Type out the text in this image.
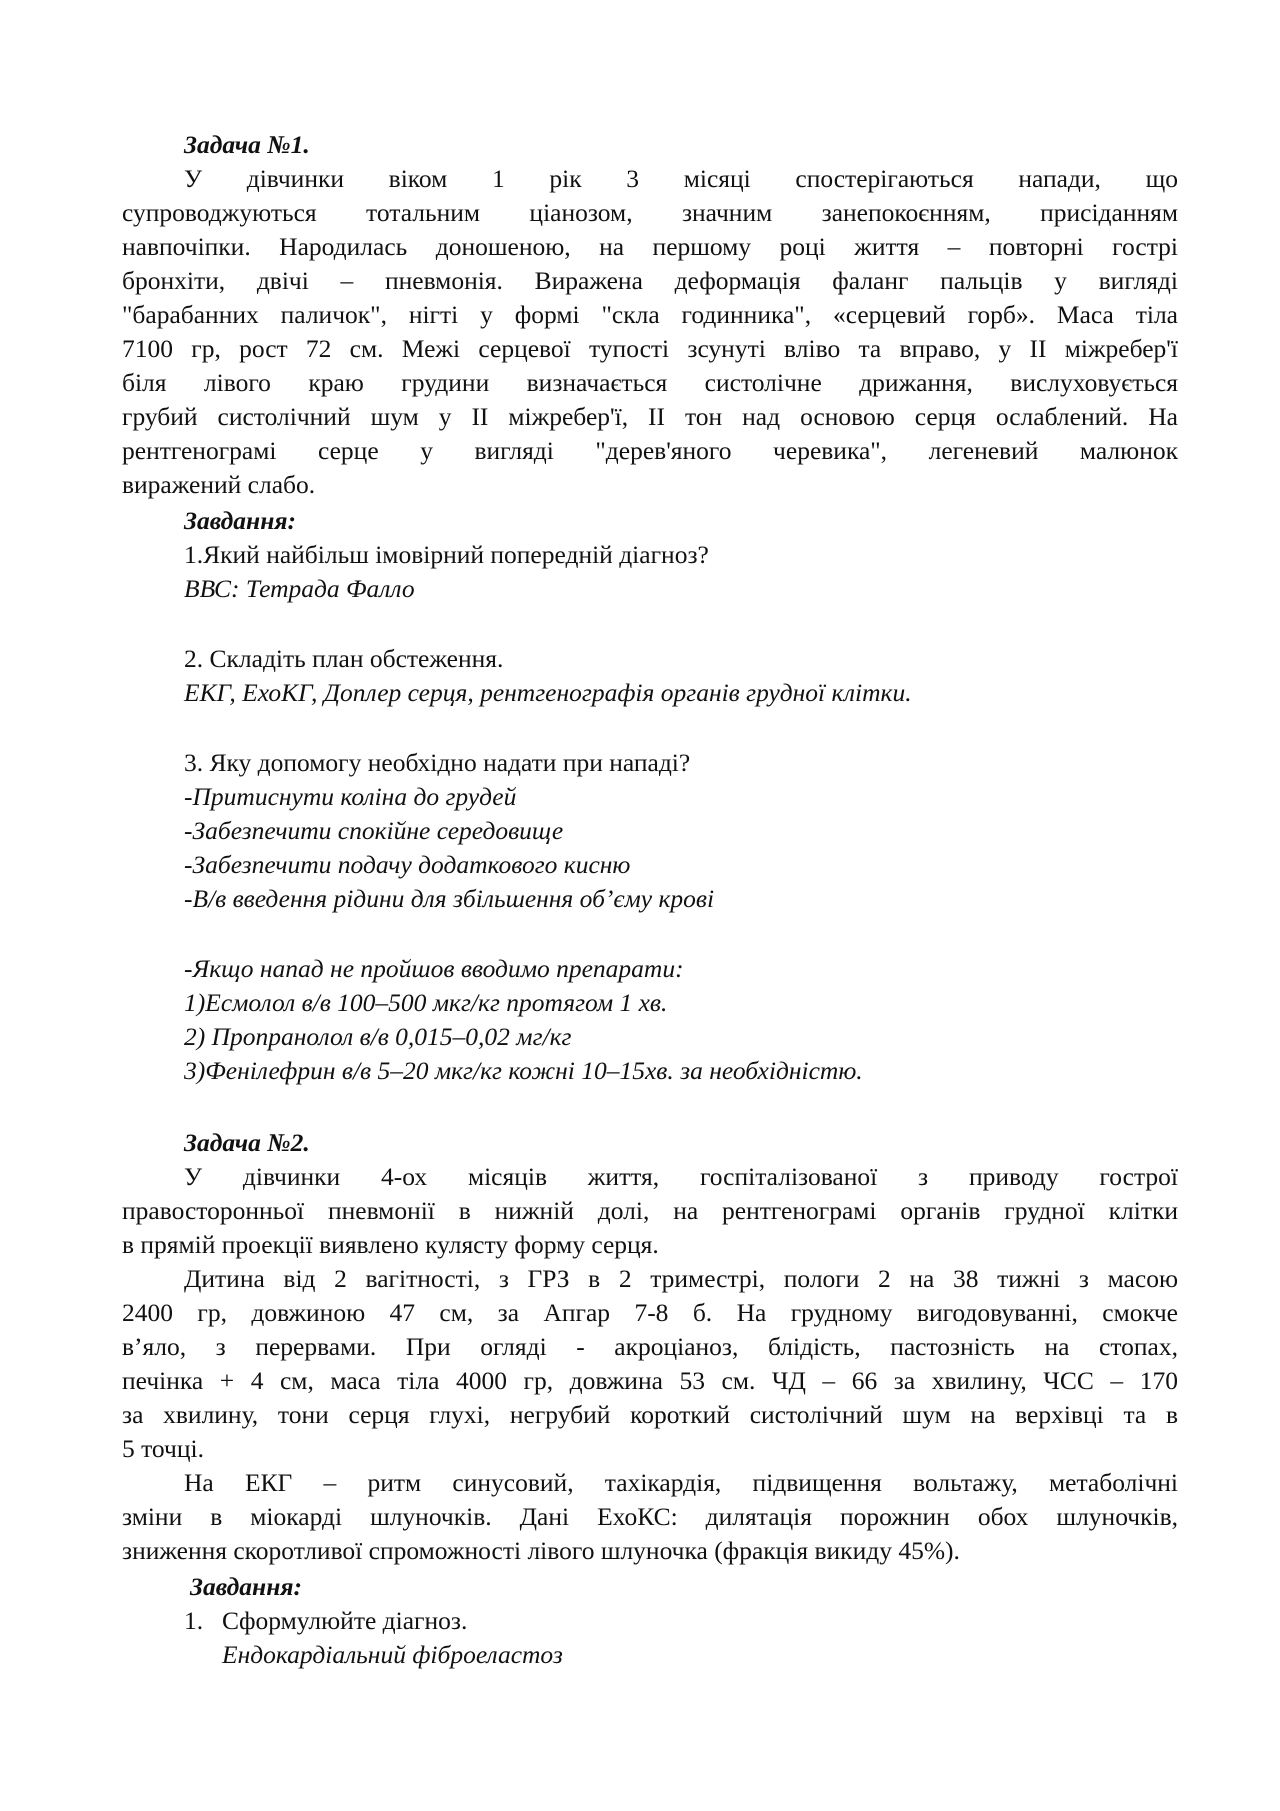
Задача №1.
У дівчинки віком 1 рік 3 місяці спостерігаються напади, що
супроводжуються тотальним ціанозом, значним занепокоєнням, присіданням
навпочіпки. Народилась доношеною, на першому році життя – повторні гострі
бронхіти, двічі – пневмонія. Виражена деформація фаланг пальців у вигляді
"барабанних паличок", нігті у формі "скла годинника", «серцевий горб». Маса тіла
7100 гр, рост 72 см. Межі серцевої тупості зсунуті вліво та вправо, у II міжребер'ї
біля лівого краю грудини визначається систолічне дрижання, вислуховується
грубий систолічний шум у II міжребер'ї, II тон над основою серця ослаблений. На
рентгенограмі серце у вигляді "дерев'яного черевика", легеневий малюнок
виражений слабо.
Завдання:
1.Який найбільш імовірний попередній діагноз?
ВВС: Тетрада Фалло
2. Складіть план обстеження.
ЕКГ, ЕхоКГ, Доплер серця, рентгенографія органів грудної клітки.
3. Яку допомогу необхідно надати при нападі?
-Притиснути коліна до грудей
-Забезпечити спокійне середовище
-Забезпечити подачу додаткового кисню
-В/в введення рідини для збільшення об’єму крові
-Якщо напад не пройшов вводимо препарати:
1)Есмолол в/в 100–500 мкг/кг протягом 1 хв.
2) Пропранолол в/в 0,015–0,02 мг/кг
3)Фенілефрин в/в 5–20 мкг/кг кожні 10–15хв. за необхідністю.
Задача №2.
У дівчинки 4-ох місяців життя, госпіталізованої з приводу гострої
правосторонньої пневмонії в нижній долі, на рентгенограмі органів грудної клітки
в прямій проекції виявлено кулясту форму серця.
Дитина від 2 вагітності, з ГРЗ в 2 триместрі, пологи 2 на 38 тижні з масою
2400 гр, довжиною 47 см, за Апгар 7-8 б. На грудному вигодовуванні, смокче
в’яло, з перервами. При огляді - акроціаноз, блідість, пастозність на стопах,
печінка + 4 см, маса тіла 4000 гр, довжина 53 см. ЧД – 66 за хвилину, ЧСС – 170
за хвилину, тони серця глухі, негрубий короткий систолічний шум на верхівці та в
5 точці.
На ЕКГ – ритм синусовий, тахікардія, підвищення вольтажу, метаболічні
зміни в міокарді шлуночків. Дані ЕхоКС: дилятація порожнин обох шлуночків,
зниження скоротливої спроможності лівого шлуночка (фракція викиду 45%).
Завдання:
1. Сформулюйте діагноз.
Ендокардіальний фіброеластоз
